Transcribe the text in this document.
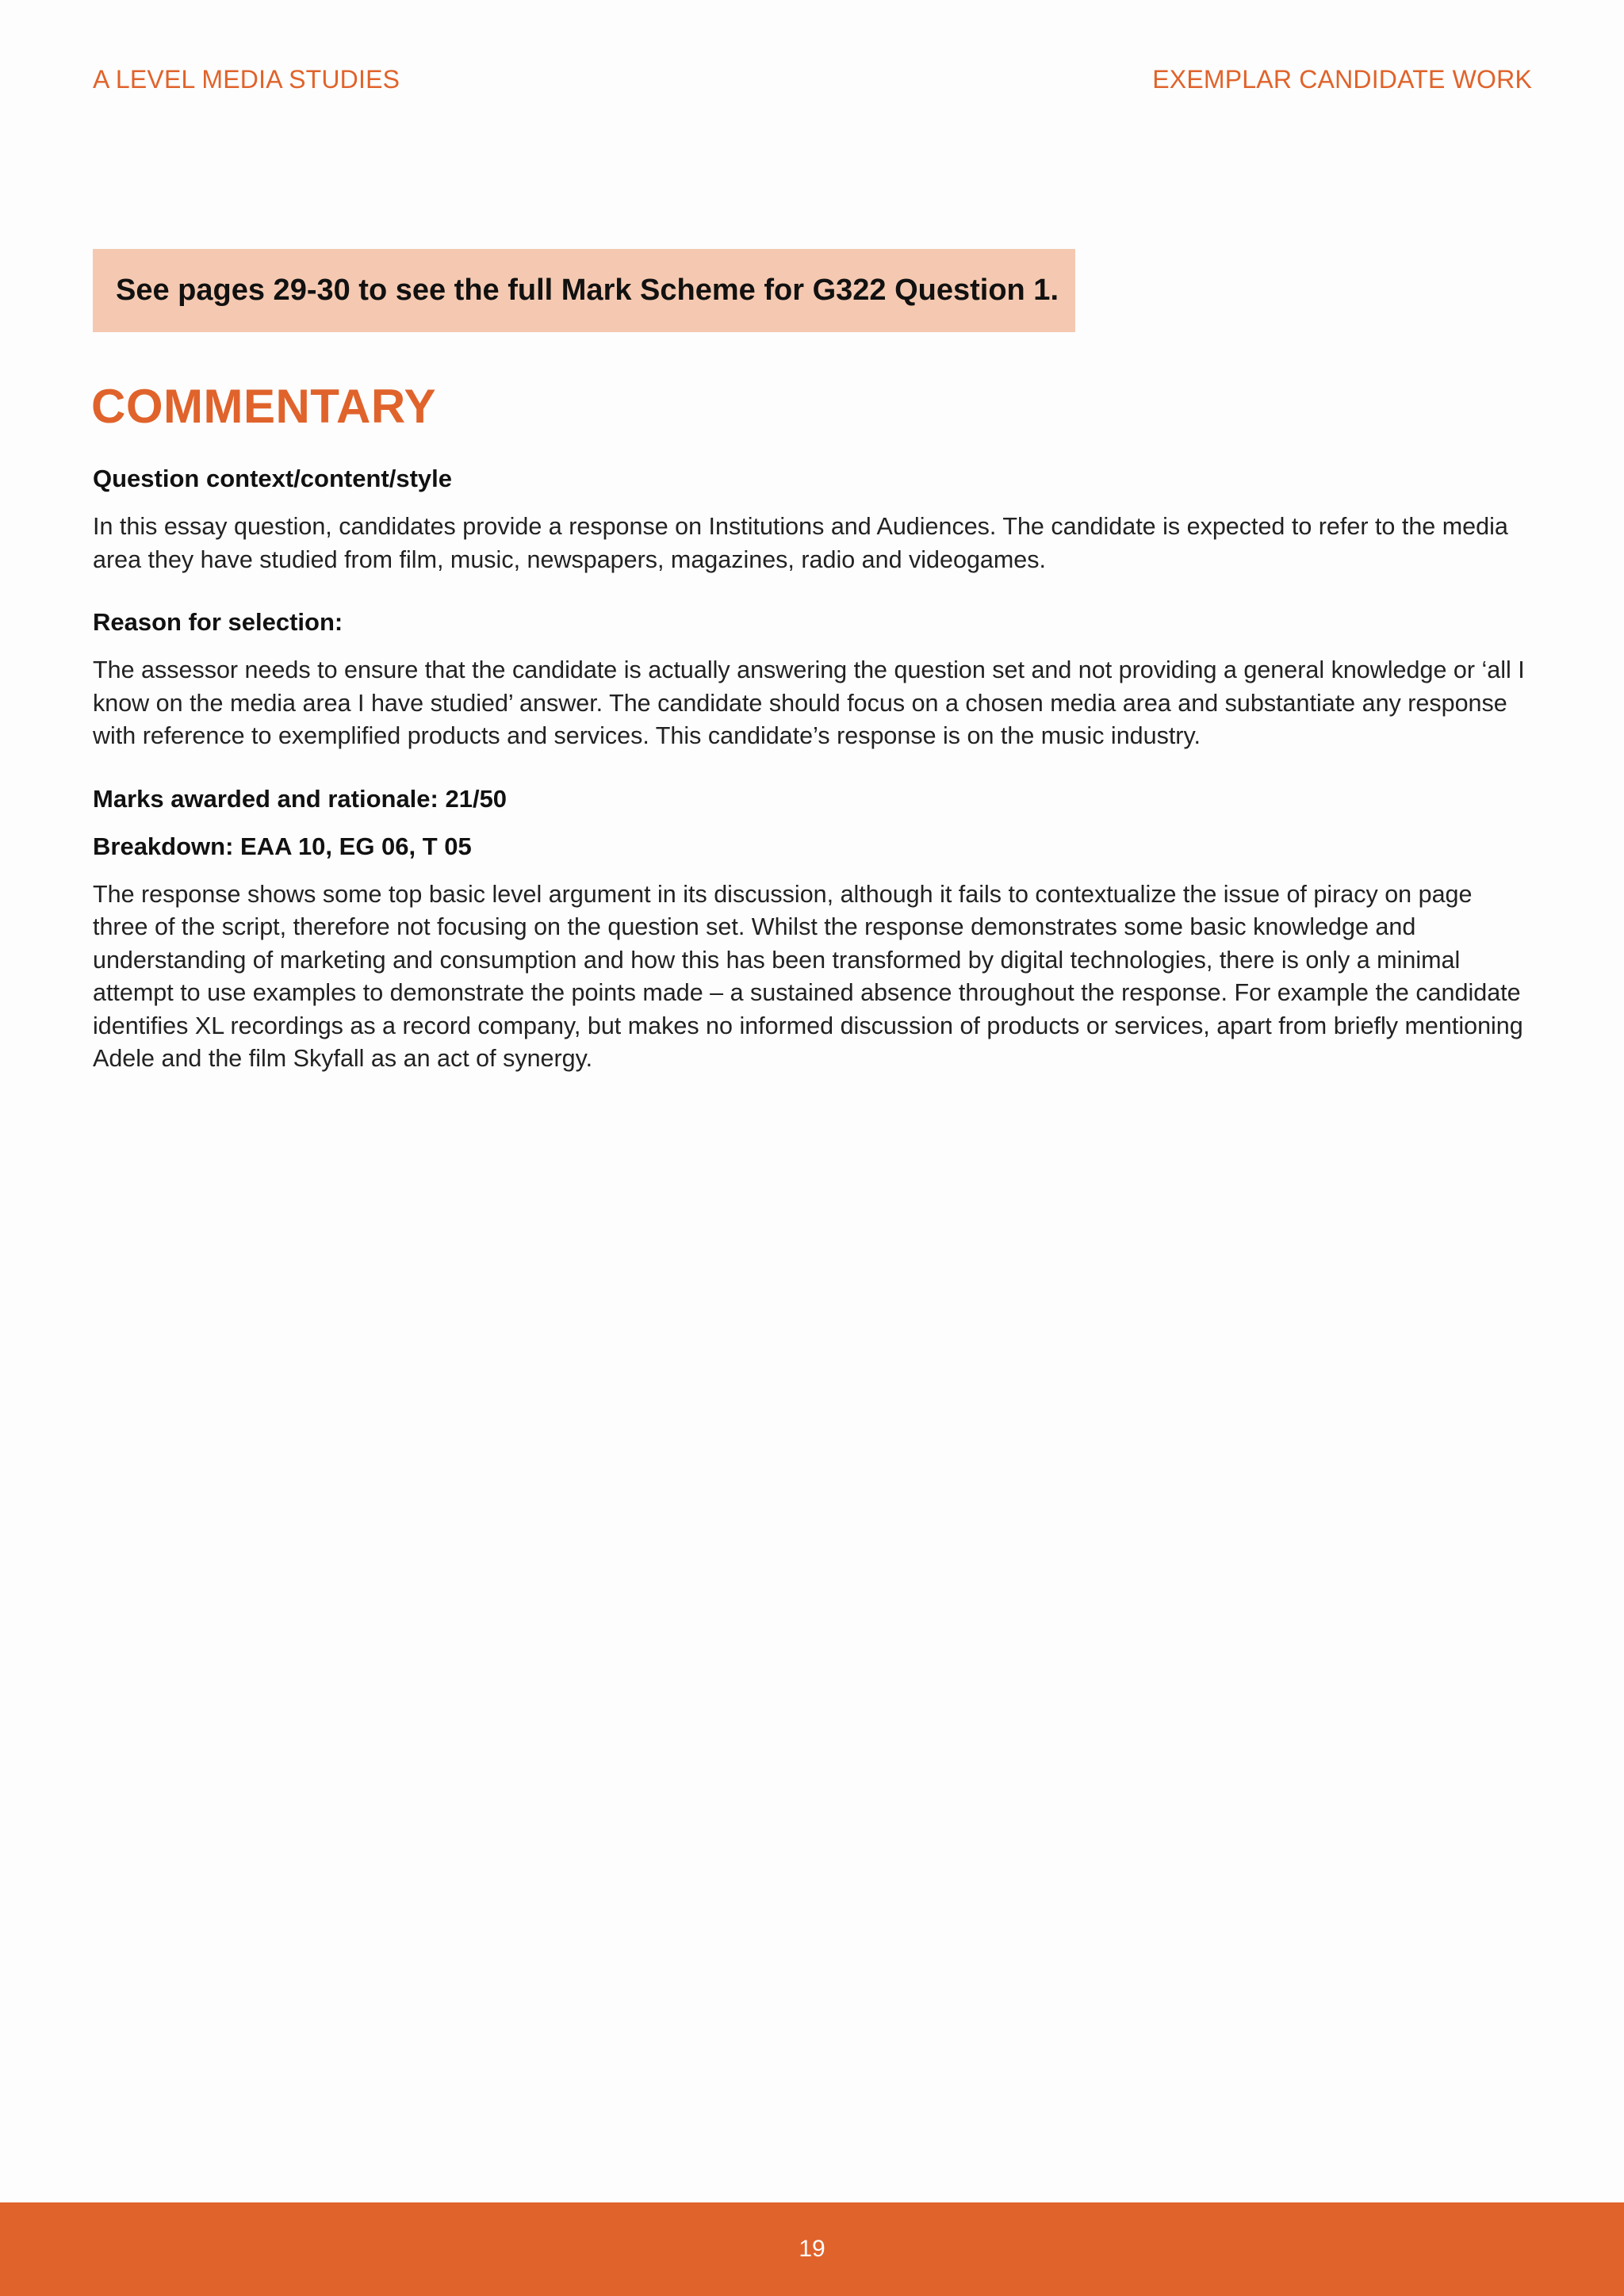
A LEVEL MEDIA STUDIES	EXEMPLAR CANDIDATE WORK
See pages 29-30 to see the full Mark Scheme for G322 Question 1.
COMMENTARY
Question context/content/style

In this essay question, candidates provide a response on Institutions and Audiences. The candidate is expected to refer to the media area they have studied from film, music, newspapers, magazines, radio and videogames.

Reason for selection:

The assessor needs to ensure that the candidate is actually answering the question set and not providing a general knowledge or ‘all I know on the media area I have studied’ answer. The candidate should focus on a chosen media area and substantiate any response with reference to exemplified products and services. This candidate’s response is on the music industry.

Marks awarded and rationale: 21/50
Breakdown: EAA 10, EG 06, T 05

The response shows some top basic level argument in its discussion, although it fails to contextualize the issue of piracy on page three of the script, therefore not focusing on the question set. Whilst the response demonstrates some basic knowledge and understanding of marketing and consumption and how this has been transformed by digital technologies, there is only a minimal attempt to use examples to demonstrate the points made – a sustained absence throughout the response. For example the candidate identifies XL recordings as a record company, but makes no informed discussion of products or services, apart from briefly mentioning Adele and the film Skyfall as an act of synergy.

19
